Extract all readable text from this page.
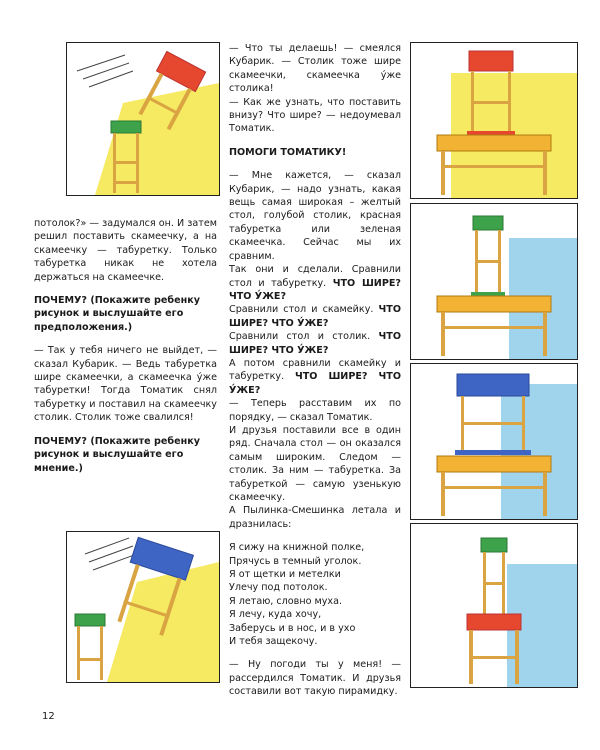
потолок?» — задумался он. И затем решил поставить скамеечку, а на скамеечку — табуретку. Только табуретка никак не хотела держаться на скамеечке.

ПОЧЕМУ? (Покажите ребенку рисунок и выслушайте его предположения.)

— Так у тебя ничего не выйдет, — сказал Кубарик. — Ведь табуретка шире скамеечки, а скамеечка у́же табуретки! Тогда Томатик снял табуретку и поставил на скамеечку столик. Столик тоже свалился!

ПОЧЕМУ? (Покажите ребенку рисунок и выслушайте его мнение.)

— Что ты делаешь! — смеялся Кубарик. — Столик тоже шире скамеечки, скамеечка у́же столика!

— Как же узнать, что поставить внизу? Что шире? — недоумевал Томатик.

ПОМОГИ ТОМАТИКУ!

— Мне кажется, — сказал Кубарик, — надо узнать, какая вещь самая широкая – желтый стол, голубой столик, красная табуретка или зеленая скамеечка. Сейчас мы их сравним.

Так они и сделали. Сравнили стол и табуретку. ЧТО ШИРЕ? ЧТО У́ЖЕ?

Сравнили стол и скамейку. ЧТО ШИРЕ? ЧТО У́ЖЕ?

Сравнили стол и столик. ЧТО ШИРЕ? ЧТО У́ЖЕ?

А потом сравнили скамейку и табуретку. ЧТО ШИРЕ? ЧТО У́ЖЕ?

— Теперь расставим их по порядку, — сказал Томатик.

И друзья поставили все в один ряд. Сначала стол — он оказался самым широким. Следом — столик. За ним — табуретка. За табуреткой — самую узенькую скамеечку.

А Пылинка-Смешинка летала и дразнилась:

Я сижу на книжной полке,

Прячусь в темный уголок.

Я от щетки и метелки

Улечу под потолок.

Я летаю, словно муха.

Я лечу, куда хочу,

Заберусь и в нос, и в ухо

И тебя защекочу.

— Ну погоди ты у меня! — рассердился Томатик. И друзья составили вот такую пирамидку.

12
